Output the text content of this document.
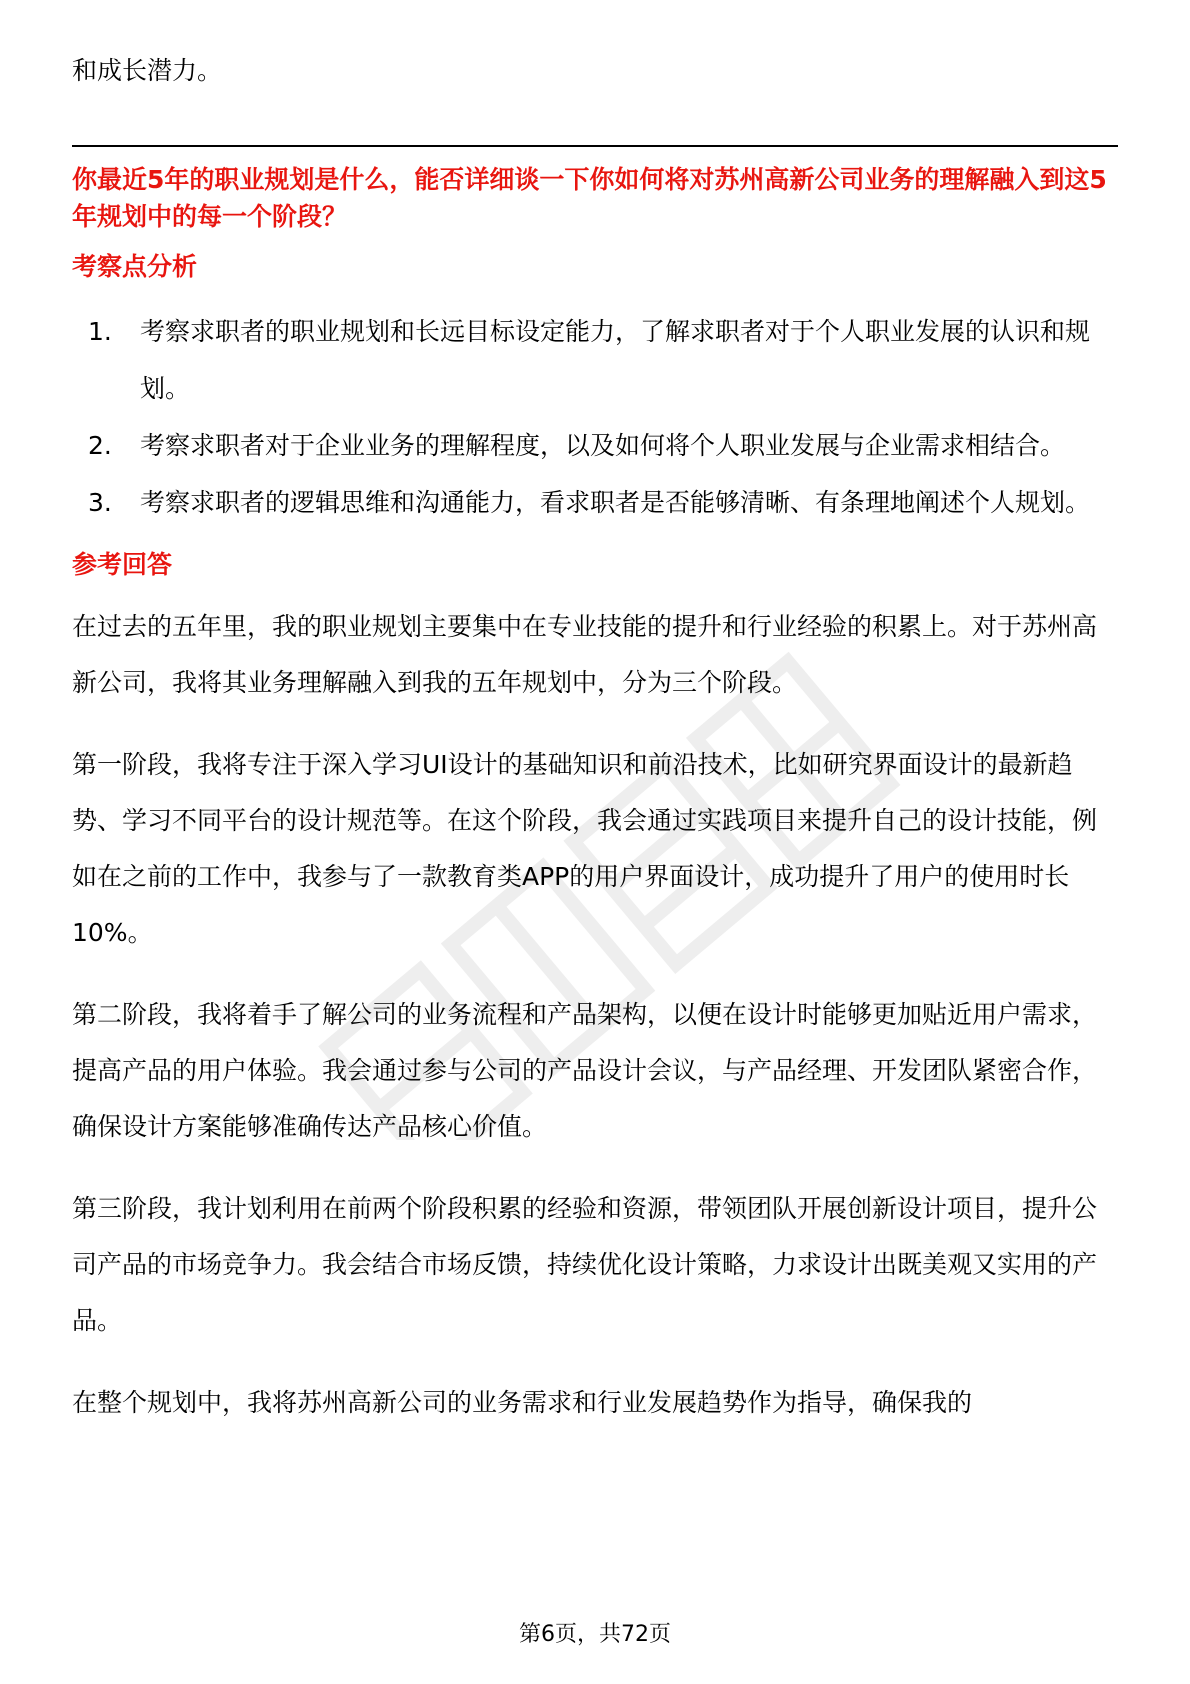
和成长潜力。

你最近5年的职业规划是什么，能否详细谈一下你如何将对苏州高新公司业务的理解融入到这5年规划中的每一个阶段？
考察点分析
1. 考察求职者的职业规划和长远目标设定能力，了解求职者对于个人职业发展的认识和规划。
2. 考察求职者对于企业业务的理解程度，以及如何将个人职业发展与企业需求相结合。
3. 考察求职者的逻辑思维和沟通能力，看求职者是否能够清晰、有条理地阐述个人规划。
参考回答

在过去的五年里，我的职业规划主要集中在专业技能的提升和行业经验的积累上。对于苏州高新公司，我将其业务理解融入到我的五年规划中，分为三个阶段。

第一阶段，我将专注于深入学习UI设计的基础知识和前沿技术，比如研究界面设计的最新趋势、学习不同平台的设计规范等。在这个阶段，我会通过实践项目来提升自己的设计技能，例如在之前的工作中，我参与了一款教育类APP的用户界面设计，成功提升了用户的使用时长10%。

第二阶段，我将着手了解公司的业务流程和产品架构，以便在设计时能够更加贴近用户需求，提高产品的用户体验。我会通过参与公司的产品设计会议，与产品经理、开发团队紧密合作，确保设计方案能够准确传达产品核心价值。

第三阶段，我计划利用在前两个阶段积累的经验和资源，带领团队开展创新设计项目，提升公司产品的市场竞争力。我会结合市场反馈，持续优化设计策略，力求设计出既美观又实用的产品。

在整个规划中，我将苏州高新公司的业务需求和行业发展趋势作为指导，确保我的

第6页，共72页
